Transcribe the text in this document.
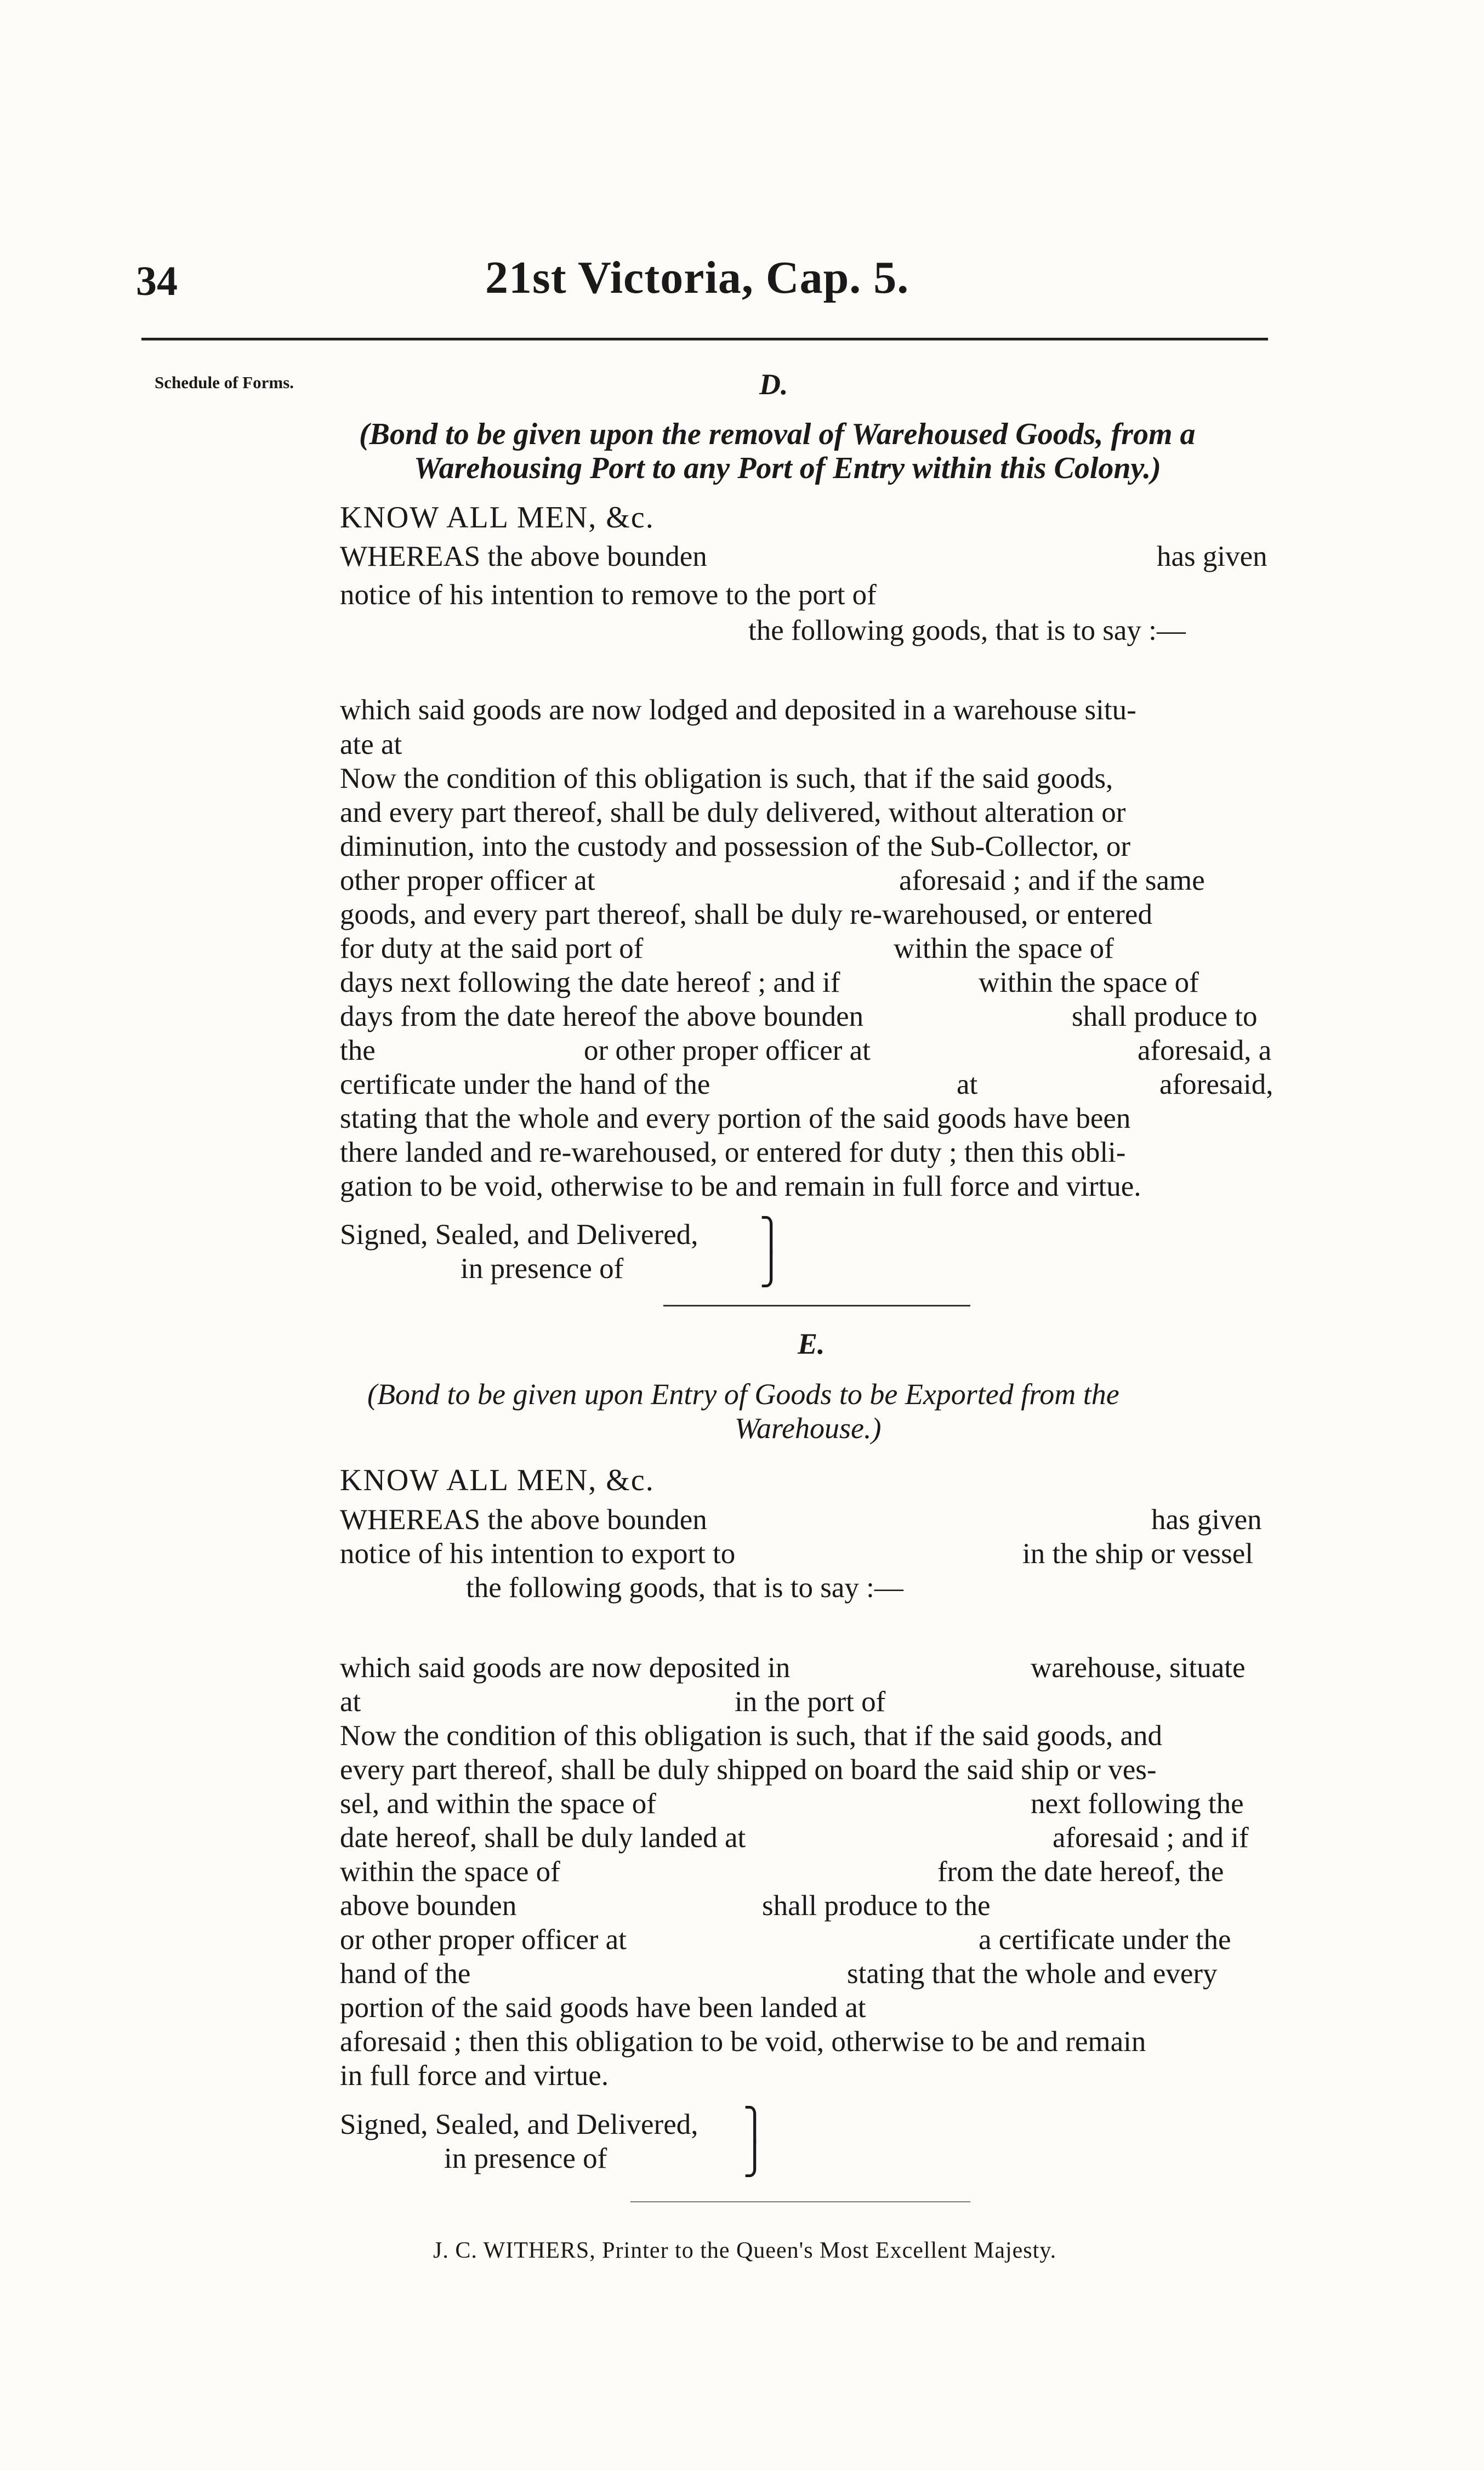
34	21st Victoria, Cap. 5.
Schedule of Forms.	D.
(Bond to be given upon the removal of Warehoused Goods, from a
Warehousing Port to any Port of Entry within this Colony.)
KNOW ALL MEN, &c.
WHEREAS the above bounden	has given
notice of his intention to remove to the port of
the following goods, that is to say :—
which said goods are now lodged and deposited in a warehouse situ-
ate at
Now the condition of this obligation is such, that if the said goods,
and every part thereof, shall be duly delivered, without alteration or
diminution, into the custody and possession of the Sub-Collector, or
other proper officer at	aforesaid ; and if the same
goods, and every part thereof, shall be duly re-warehoused, or entered
for duty at the said port of	within the space of
days next following the date hereof ; and if	within the space of
days from the date hereof the above bounden	shall produce to
the	or other proper officer at	aforesaid, a
certificate under the hand of the	at	aforesaid,
stating that the whole and every portion of the said goods have been
there landed and re-warehoused, or entered for duty ; then this obli-
gation to be void, otherwise to be and remain in full force and virtue.
Signed, Sealed, and Delivered, ⎫
in presence of	⎭
E.
(Bond to be given upon Entry of Goods to be Exported from the
Warehouse.)
KNOW ALL MEN, &c.
WHEREAS the above bounden	has given
notice of his intention to export to	in the ship or vessel
the following goods, that is to say :—
which said goods are now deposited in	warehouse, situate
at	in the port of
Now the condition of this obligation is such, that if the said goods, and
every part thereof, shall be duly shipped on board the said ship or ves-
sel, and within the space of	next following the
date hereof, shall be duly landed at	aforesaid ; and if
within the space of	from the date hereof, the
above bounden	shall produce to the
or other proper officer at	a certificate under the
hand of the	stating that the whole and every
portion of the said goods have been landed at
aforesaid ; then this obligation to be void, otherwise to be and remain
in full force and virtue.
Signed, Sealed, and Delivered, ⎫
in presence of	⎭
J. C. WITHERS, Printer to the Queen's Most Excellent Majesty.
